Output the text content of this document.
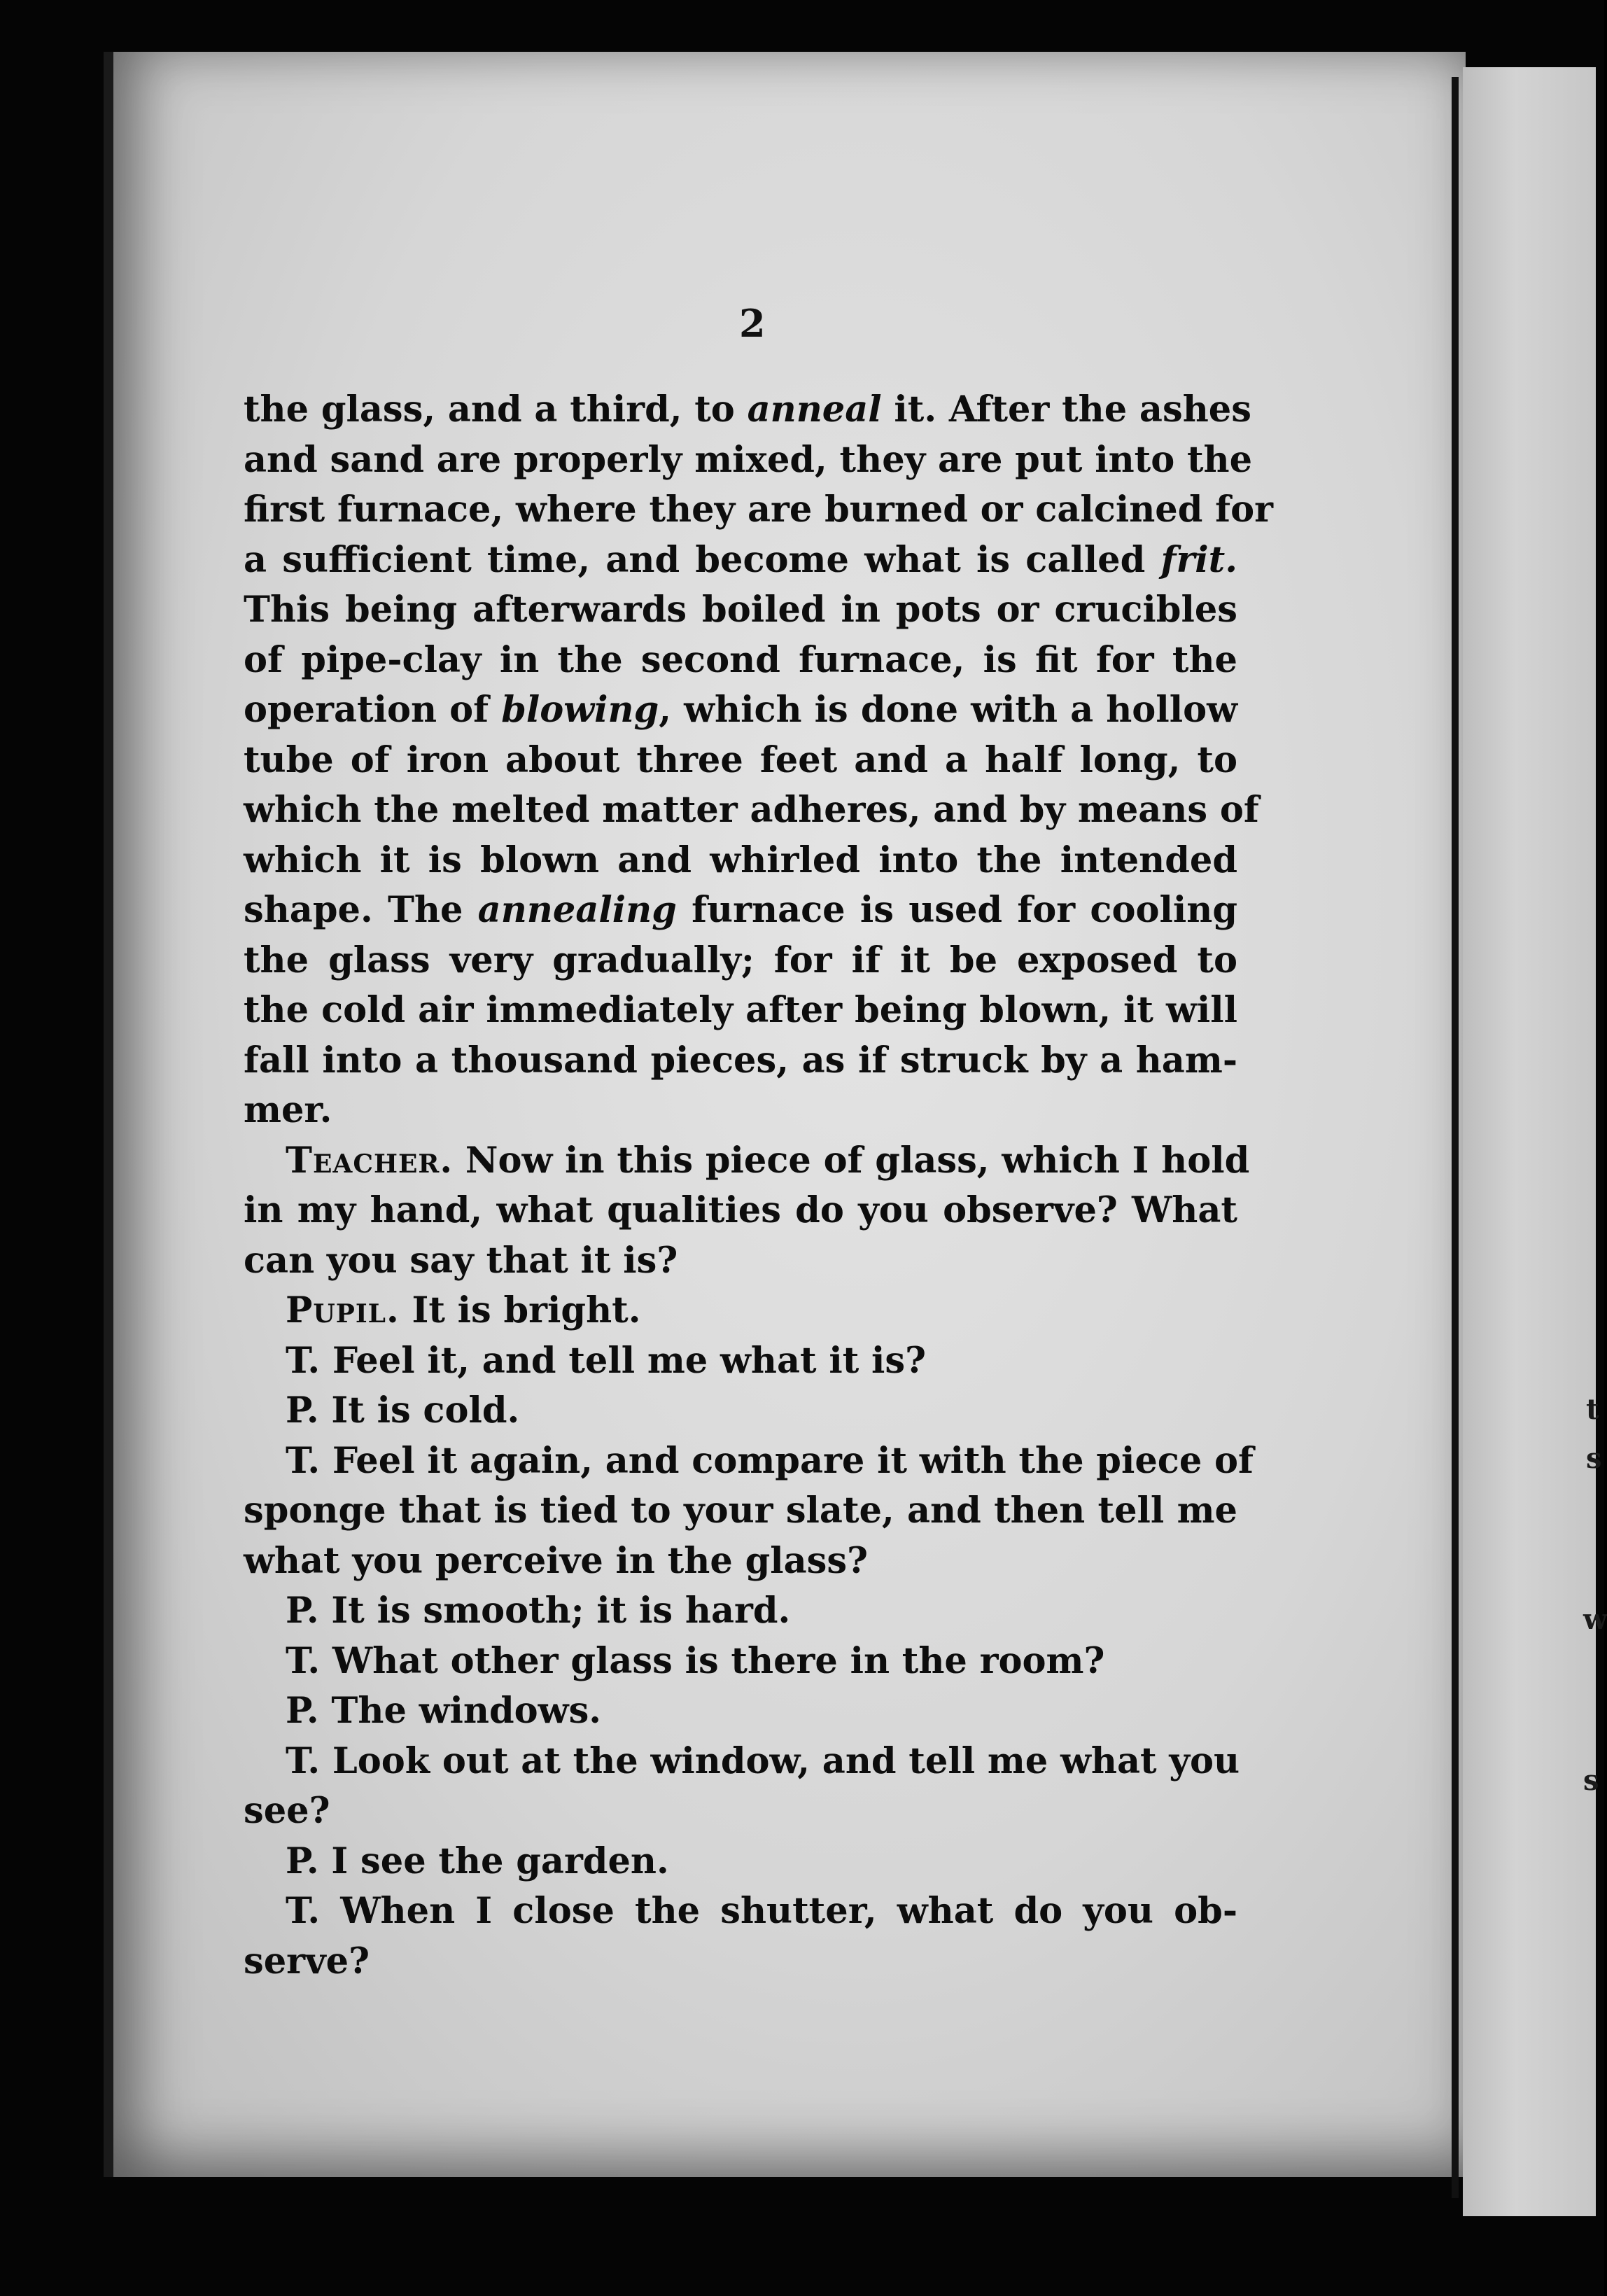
t
s
w
s
2
the glass, and a third, to anneal it. After the ashes
and sand are properly mixed, they are put into the
first furnace, where they are burned or calcined for
a sufficient time, and become what is called frit.
This being afterwards boiled in pots or crucibles
of pipe-clay in the second furnace, is fit for the
operation of blowing, which is done with a hollow
tube of iron about three feet and a half long, to
which the melted matter adheres, and by means of
which it is blown and whirled into the intended
shape. The annealing furnace is used for cooling
the glass very gradually; for if it be exposed to
the cold air immediately after being blown, it will
fall into a thousand pieces, as if struck by a ham-
mer.
Teacher. Now in this piece of glass, which I hold
in my hand, what qualities do you observe? What
can you say that it is?
Pupil. It is bright.
T. Feel it, and tell me what it is?
P. It is cold.
T. Feel it again, and compare it with the piece of
sponge that is tied to your slate, and then tell me
what you perceive in the glass?
P. It is smooth; it is hard.
T. What other glass is there in the room?
P. The windows.
T. Look out at the window, and tell me what you
see?
P. I see the garden.
T. When I close the shutter, what do you ob-
serve?
